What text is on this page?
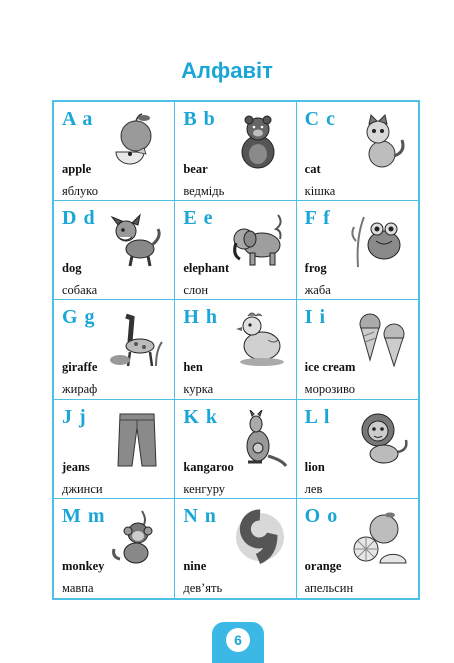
Алфавіт
A a
apple
яблуко
B b
bear
ведмідь
C c
cat
кішка
D d
dog
собака
E e
elephant
слон
F f
frog
жаба
G g
giraffe
жираф
H h
hen
курка
I i
ice cream
морозиво
J j
jeans
джинси
K k
kangaroo
кенгуру
L l
lion
лев
M m
monkey
мавпа
N n
nine
дев’ять
O o
orange
апельсин
6
